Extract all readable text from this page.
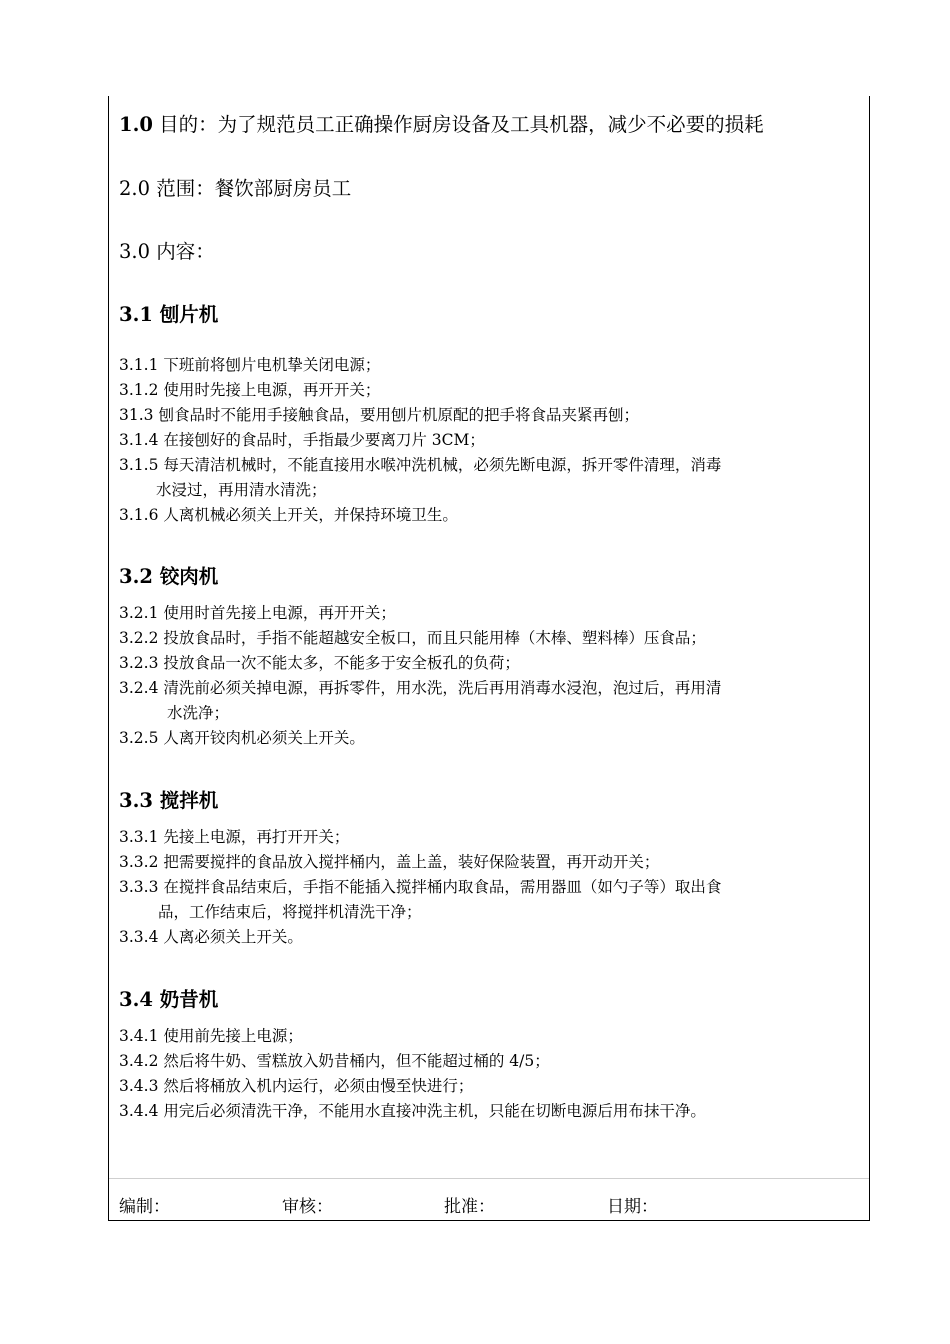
1.0 目的：为了规范员工正确操作厨房设备及工具机器，减少不必要的损耗
2.0 范围：餐饮部厨房员工
3.0 内容：
3.1 刨片机
3.1.1 下班前将刨片电机挚关闭电源；
3.1.2 使用时先接上电源，再开开关；
31.3 刨食品时不能用手接触食品，要用刨片机原配的把手将食品夹紧再刨；
3.1.4 在接刨好的食品时，手指最少要离刀片 3CM；
3.1.5 每天清洁机械时，不能直接用水喉冲洗机械，必须先断电源，拆开零件清理，消毒
水浸过，再用清水清洗；
3.1.6 人离机械必须关上开关，并保持环境卫生。
3.2 铰肉机
3.2.1 使用时首先接上电源，再开开关；
3.2.2 投放食品时，手指不能超越安全板口，而且只能用棒（木棒、塑料棒）压食品；
3.2.3 投放食品一次不能太多，不能多于安全板孔的负荷；
3.2.4 清洗前必须关掉电源，再拆零件，用水洗，洗后再用消毒水浸泡，泡过后，再用清
水洗净；
3.2.5 人离开铰肉机必须关上开关。
3.3 搅拌机
3.3.1 先接上电源，再打开开关；
3.3.2 把需要搅拌的食品放入搅拌桶内，盖上盖，装好保险装置，再开动开关；
3.3.3 在搅拌食品结束后，手指不能插入搅拌桶内取食品，需用器皿（如勺子等）取出食
品，工作结束后，将搅拌机清洗干净；
3.3.4 人离必须关上开关。
3.4 奶昔机
3.4.1 使用前先接上电源；
3.4.2 然后将牛奶、雪糕放入奶昔桶内，但不能超过桶的 4/5；
3.4.3 然后将桶放入机内运行，必须由慢至快进行；
3.4.4 用完后必须清洗干净，不能用水直接冲洗主机，只能在切断电源后用布抹干净。
编制：	审核：	批准：	日期：
